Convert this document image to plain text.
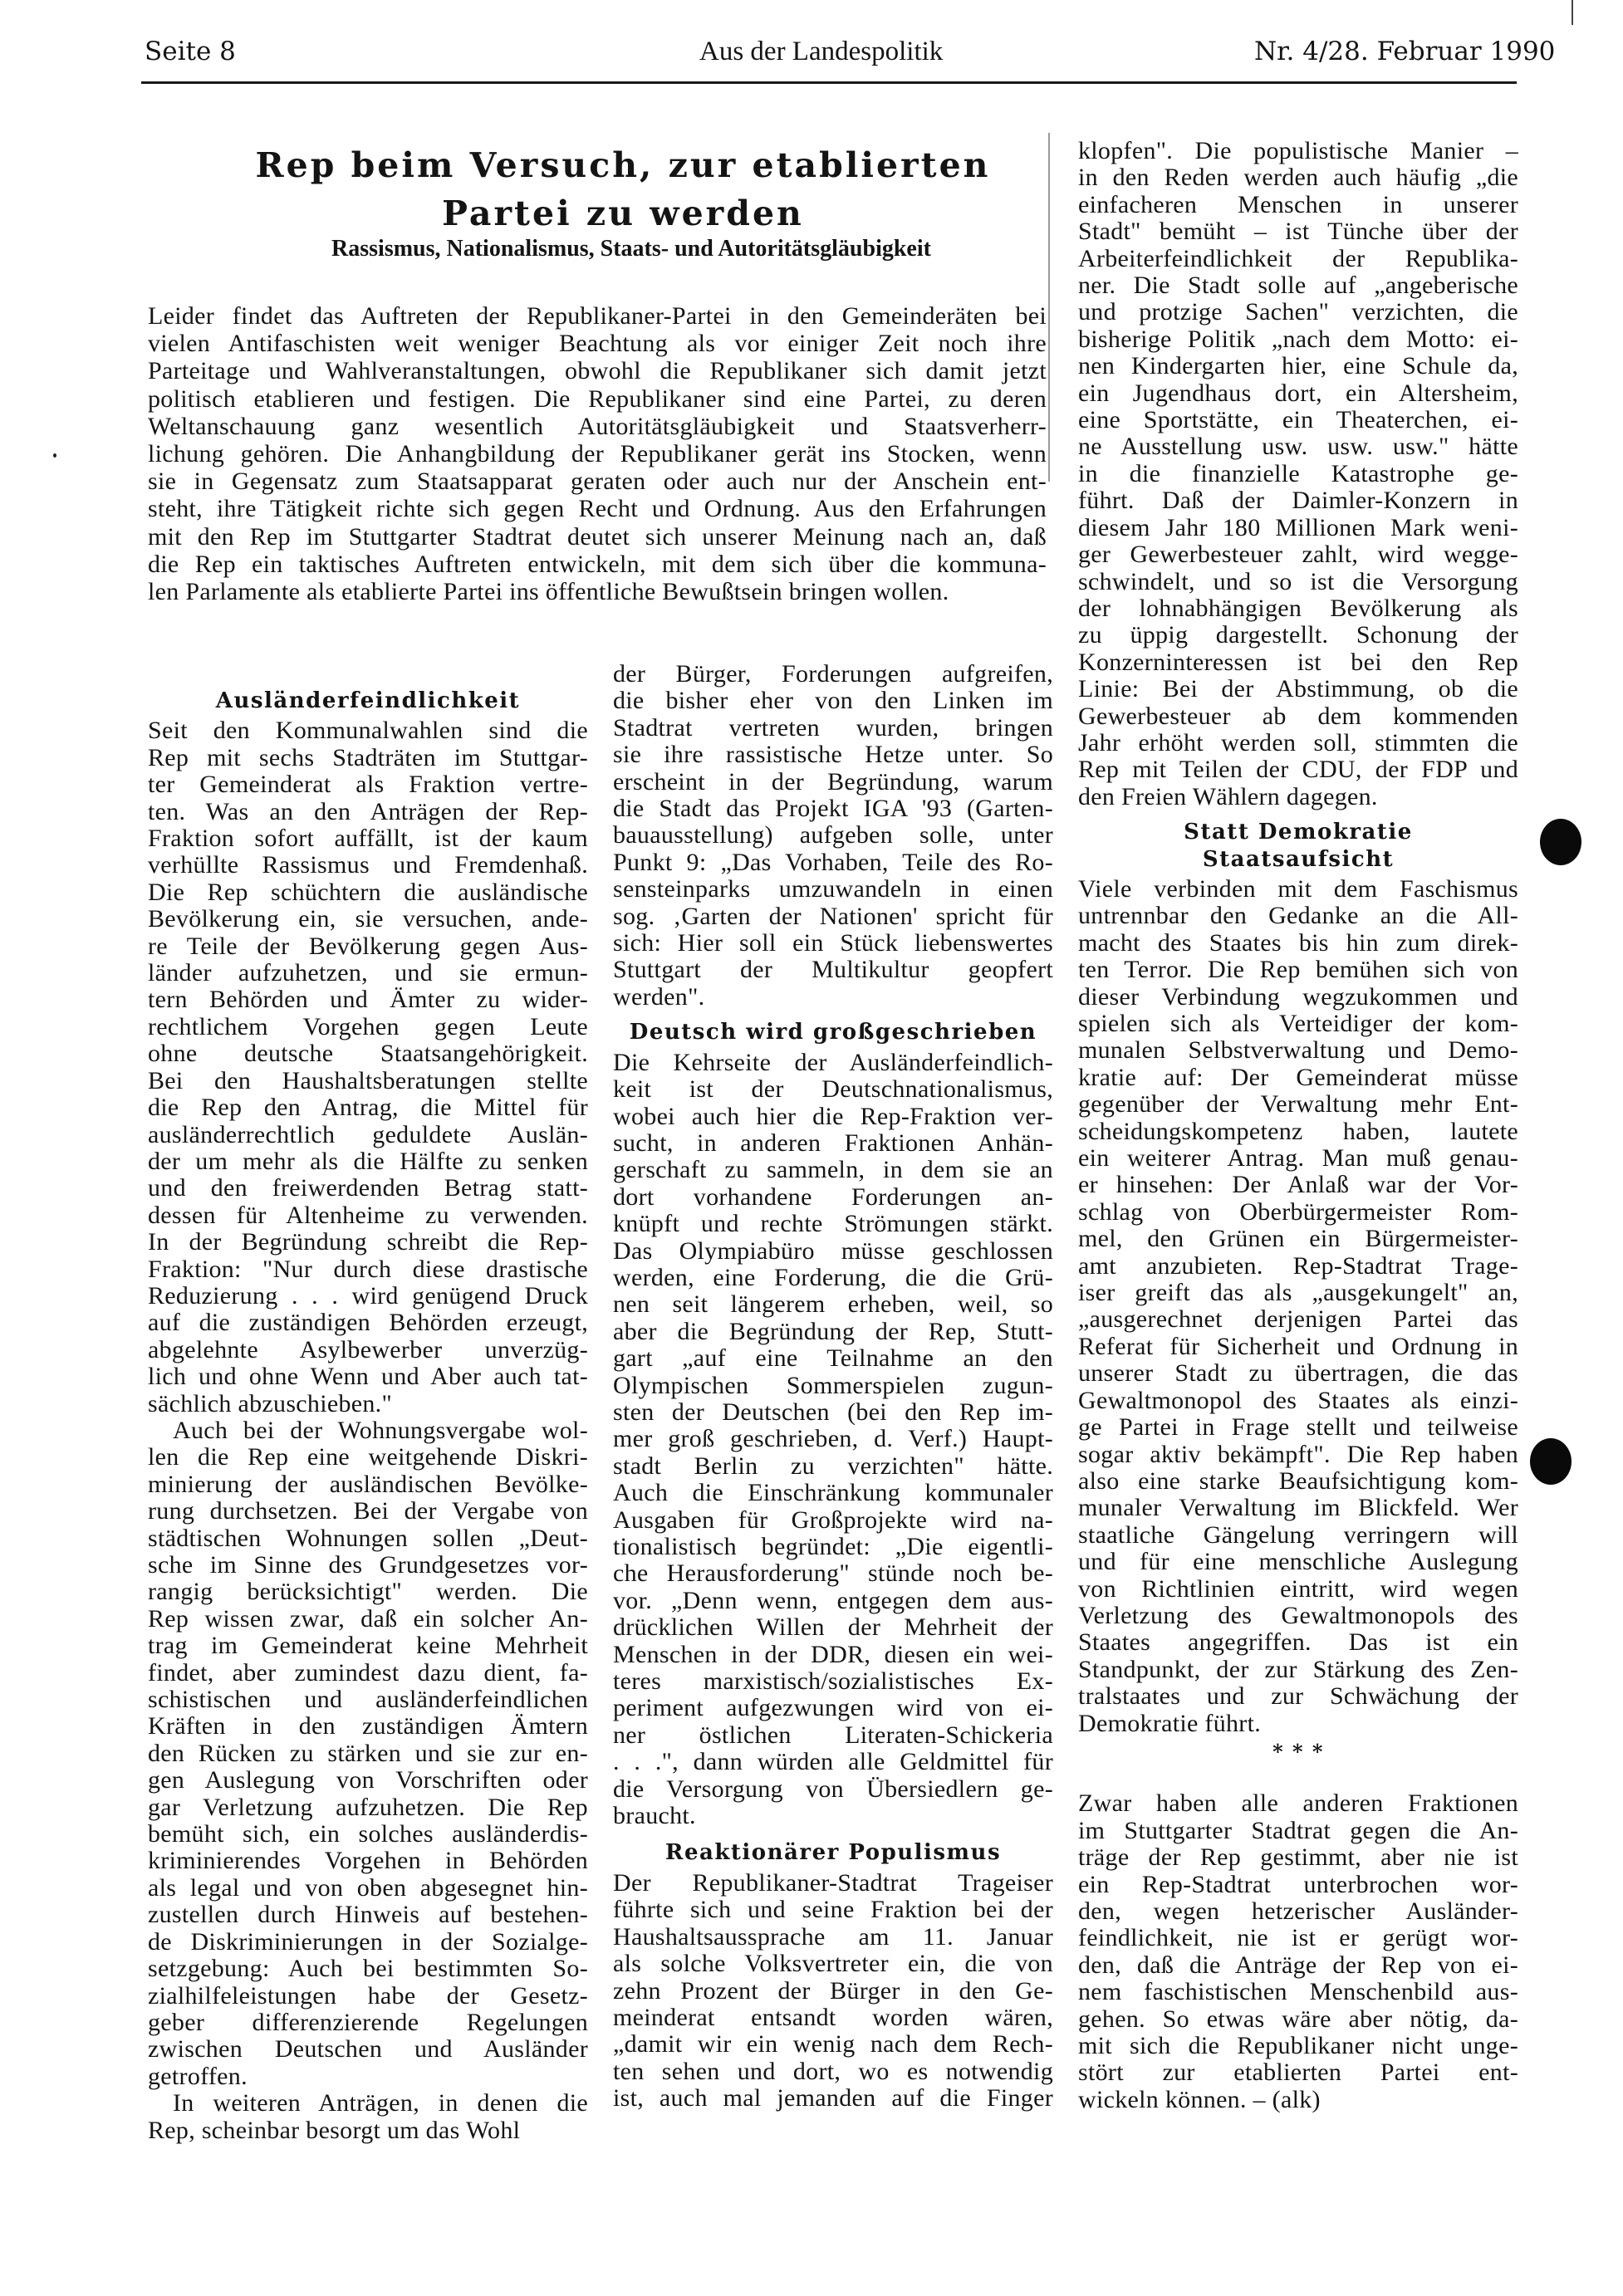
Seite 8	Aus der Landespolitik	Nr. 4/28. Februar 1990
Rep beim Versuch, zur etablierten
Partei zu werden
Rassismus, Nationalismus, Staats- und Autoritätsgläubigkeit
Leider findet das Auftreten der Republikaner-Partei in den Gemeinderäten bei
vielen Antifaschisten weit weniger Beachtung als vor einiger Zeit noch ihre
Parteitage und Wahlveranstaltungen, obwohl die Republikaner sich damit jetzt
politisch etablieren und festigen. Die Republikaner sind eine Partei, zu deren
Weltanschauung ganz wesentlich Autoritätsgläubigkeit und Staatsverherr-
lichung gehören. Die Anhangbildung der Republikaner gerät ins Stocken, wenn
sie in Gegensatz zum Staatsapparat geraten oder auch nur der Anschein ent-
steht, ihre Tätigkeit richte sich gegen Recht und Ordnung. Aus den Erfahrungen
mit den Rep im Stuttgarter Stadtrat deutet sich unserer Meinung nach an, daß
die Rep ein taktisches Auftreten entwickeln, mit dem sich über die kommuna-
len Parlamente als etablierte Partei ins öffentliche Bewußtsein bringen wollen.
Ausländerfeindlichkeit
Seit den Kommunalwahlen sind die
Rep mit sechs Stadträten im Stuttgar-
ter Gemeinderat als Fraktion vertre-
ten. Was an den Anträgen der Rep-
Fraktion sofort auffällt, ist der kaum
verhüllte Rassismus und Fremdenhaß.
Die Rep schüchtern die ausländische
Bevölkerung ein, sie versuchen, ande-
re Teile der Bevölkerung gegen Aus-
länder aufzuhetzen, und sie ermun-
tern Behörden und Ämter zu wider-
rechtlichem Vorgehen gegen Leute
ohne deutsche Staatsangehörigkeit.
Bei den Haushaltsberatungen stellte
die Rep den Antrag, die Mittel für
ausländerrechtlich geduldete Auslän-
der um mehr als die Hälfte zu senken
und den freiwerdenden Betrag statt-
dessen für Altenheime zu verwenden.
In der Begründung schreibt die Rep-
Fraktion: "Nur durch diese drastische
Reduzierung . . . wird genügend Druck
auf die zuständigen Behörden erzeugt,
abgelehnte Asylbewerber unverzüg-
lich und ohne Wenn und Aber auch tat-
sächlich abzuschieben."
Auch bei der Wohnungsvergabe wol-
len die Rep eine weitgehende Diskri-
minierung der ausländischen Bevölke-
rung durchsetzen. Bei der Vergabe von
städtischen Wohnungen sollen „Deut-
sche im Sinne des Grundgesetzes vor-
rangig berücksichtigt" werden. Die
Rep wissen zwar, daß ein solcher An-
trag im Gemeinderat keine Mehrheit
findet, aber zumindest dazu dient, fa-
schistischen und ausländerfeindlichen
Kräften in den zuständigen Ämtern
den Rücken zu stärken und sie zur en-
gen Auslegung von Vorschriften oder
gar Verletzung aufzuhetzen. Die Rep
bemüht sich, ein solches ausländerdis-
kriminierendes Vorgehen in Behörden
als legal und von oben abgesegnet hin-
zustellen durch Hinweis auf bestehen-
de Diskriminierungen in der Sozialge-
setzgebung: Auch bei bestimmten So-
zialhilfeleistungen habe der Gesetz-
geber differenzierende Regelungen
zwischen Deutschen und Ausländer
getroffen.
In weiteren Anträgen, in denen die
Rep, scheinbar besorgt um das Wohl
der Bürger, Forderungen aufgreifen,
die bisher eher von den Linken im
Stadtrat vertreten wurden, bringen
sie ihre rassistische Hetze unter. So
erscheint in der Begründung, warum
die Stadt das Projekt IGA '93 (Garten-
bauausstellung) aufgeben solle, unter
Punkt 9: „Das Vorhaben, Teile des Ro-
sensteinparks umzuwandeln in einen
sog. ‚Garten der Nationen' spricht für
sich: Hier soll ein Stück liebenswertes
Stuttgart der Multikultur geopfert
werden".
Deutsch wird großgeschrieben
Die Kehrseite der Ausländerfeindlich-
keit ist der Deutschnationalismus,
wobei auch hier die Rep-Fraktion ver-
sucht, in anderen Fraktionen Anhän-
gerschaft zu sammeln, in dem sie an
dort vorhandene Forderungen an-
knüpft und rechte Strömungen stärkt.
Das Olympiabüro müsse geschlossen
werden, eine Forderung, die die Grü-
nen seit längerem erheben, weil, so
aber die Begründung der Rep, Stutt-
gart „auf eine Teilnahme an den
Olympischen Sommerspielen zugun-
sten der Deutschen (bei den Rep im-
mer groß geschrieben, d. Verf.) Haupt-
stadt Berlin zu verzichten" hätte.
Auch die Einschränkung kommunaler
Ausgaben für Großprojekte wird na-
tionalistisch begründet: „Die eigentli-
che Herausforderung" stünde noch be-
vor. „Denn wenn, entgegen dem aus-
drücklichen Willen der Mehrheit der
Menschen in der DDR, diesen ein wei-
teres marxistisch/sozialistisches Ex-
periment aufgezwungen wird von ei-
ner östlichen Literaten-Schickeria
. . .", dann würden alle Geldmittel für
die Versorgung von Übersiedlern ge-
braucht.
Reaktionärer Populismus
Der Republikaner-Stadtrat Trageiser
führte sich und seine Fraktion bei der
Haushaltsaussprache am 11. Januar
als solche Volksvertreter ein, die von
zehn Prozent der Bürger in den Ge-
meinderat entsandt worden wären,
„damit wir ein wenig nach dem Rech-
ten sehen und dort, wo es notwendig
ist, auch mal jemanden auf die Finger
klopfen". Die populistische Manier –
in den Reden werden auch häufig „die
einfacheren Menschen in unserer
Stadt" bemüht – ist Tünche über der
Arbeiterfeindlichkeit der Republika-
ner. Die Stadt solle auf „angeberische
und protzige Sachen" verzichten, die
bisherige Politik „nach dem Motto: ei-
nen Kindergarten hier, eine Schule da,
ein Jugendhaus dort, ein Altersheim,
eine Sportstätte, ein Theaterchen, ei-
ne Ausstellung usw. usw. usw." hätte
in die finanzielle Katastrophe ge-
führt. Daß der Daimler-Konzern in
diesem Jahr 180 Millionen Mark weni-
ger Gewerbesteuer zahlt, wird wegge-
schwindelt, und so ist die Versorgung
der lohnabhängigen Bevölkerung als
zu üppig dargestellt. Schonung der
Konzerninteressen ist bei den Rep
Linie: Bei der Abstimmung, ob die
Gewerbesteuer ab dem kommenden
Jahr erhöht werden soll, stimmten die
Rep mit Teilen der CDU, der FDP und
den Freien Wählern dagegen.
Statt Demokratie
Staatsaufsicht
Viele verbinden mit dem Faschismus
untrennbar den Gedanke an die All-
macht des Staates bis hin zum direk-
ten Terror. Die Rep bemühen sich von
dieser Verbindung wegzukommen und
spielen sich als Verteidiger der kom-
munalen Selbstverwaltung und Demo-
kratie auf: Der Gemeinderat müsse
gegenüber der Verwaltung mehr Ent-
scheidungskompetenz haben, lautete
ein weiterer Antrag. Man muß genau-
er hinsehen: Der Anlaß war der Vor-
schlag von Oberbürgermeister Rom-
mel, den Grünen ein Bürgermeister-
amt anzubieten. Rep-Stadtrat Trage-
iser greift das als „ausgekungelt" an,
„ausgerechnet derjenigen Partei das
Referat für Sicherheit und Ordnung in
unserer Stadt zu übertragen, die das
Gewaltmonopol des Staates als einzi-
ge Partei in Frage stellt und teilweise
sogar aktiv bekämpft". Die Rep haben
also eine starke Beaufsichtigung kom-
munaler Verwaltung im Blickfeld. Wer
staatliche Gängelung verringern will
und für eine menschliche Auslegung
von Richtlinien eintritt, wird wegen
Verletzung des Gewaltmonopols des
Staates angegriffen. Das ist ein
Standpunkt, der zur Stärkung des Zen-
tralstaates und zur Schwächung der
Demokratie führt.
* * *
Zwar haben alle anderen Fraktionen
im Stuttgarter Stadtrat gegen die An-
träge der Rep gestimmt, aber nie ist
ein Rep-Stadtrat unterbrochen wor-
den, wegen hetzerischer Ausländer-
feindlichkeit, nie ist er gerügt wor-
den, daß die Anträge der Rep von ei-
nem faschistischen Menschenbild aus-
gehen. So etwas wäre aber nötig, da-
mit sich die Republikaner nicht unge-
stört zur etablierten Partei ent-
wickeln können. – (alk)
